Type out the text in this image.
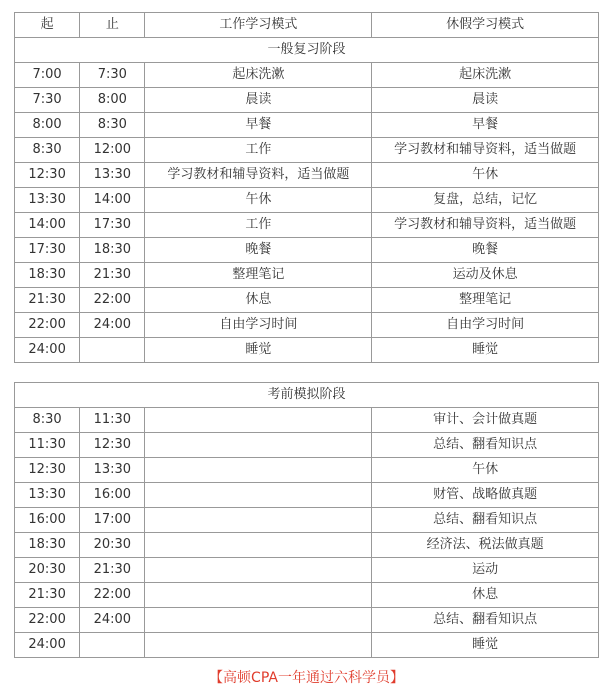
起	止	工作学习模式	休假学习模式
一般复习阶段			
7:00	7:30	起床洗漱	起床洗漱
7:30	8:00	晨读	晨读
8:00	8:30	早餐	早餐
8:30	12:00	工作	学习教材和辅导资料，适当做题
12:30	13:30	学习教材和辅导资料，适当做题	午休
13:30	14:00	午休	复盘，总结，记忆
14:00	17:30	工作	学习教材和辅导资料，适当做题
17:30	18:30	晚餐	晚餐
18:30	21:30	整理笔记	运动及休息
21:30	22:00	休息	整理笔记
22:00	24:00	自由学习时间	自由学习时间
24:00		睡觉	睡觉
考前模拟阶段			
8:30	11:30		审计、会计做真题
11:30	12:30		总结、翻看知识点
12:30	13:30		午休
13:30	16:00		财管、战略做真题
16:00	17:00		总结、翻看知识点
18:30	20:30		经济法、税法做真题
20:30	21:30		运动
21:30	22:00		休息
22:00	24:00		总结、翻看知识点
24:00			睡觉
【高顿CPA一年通过六科学员】
